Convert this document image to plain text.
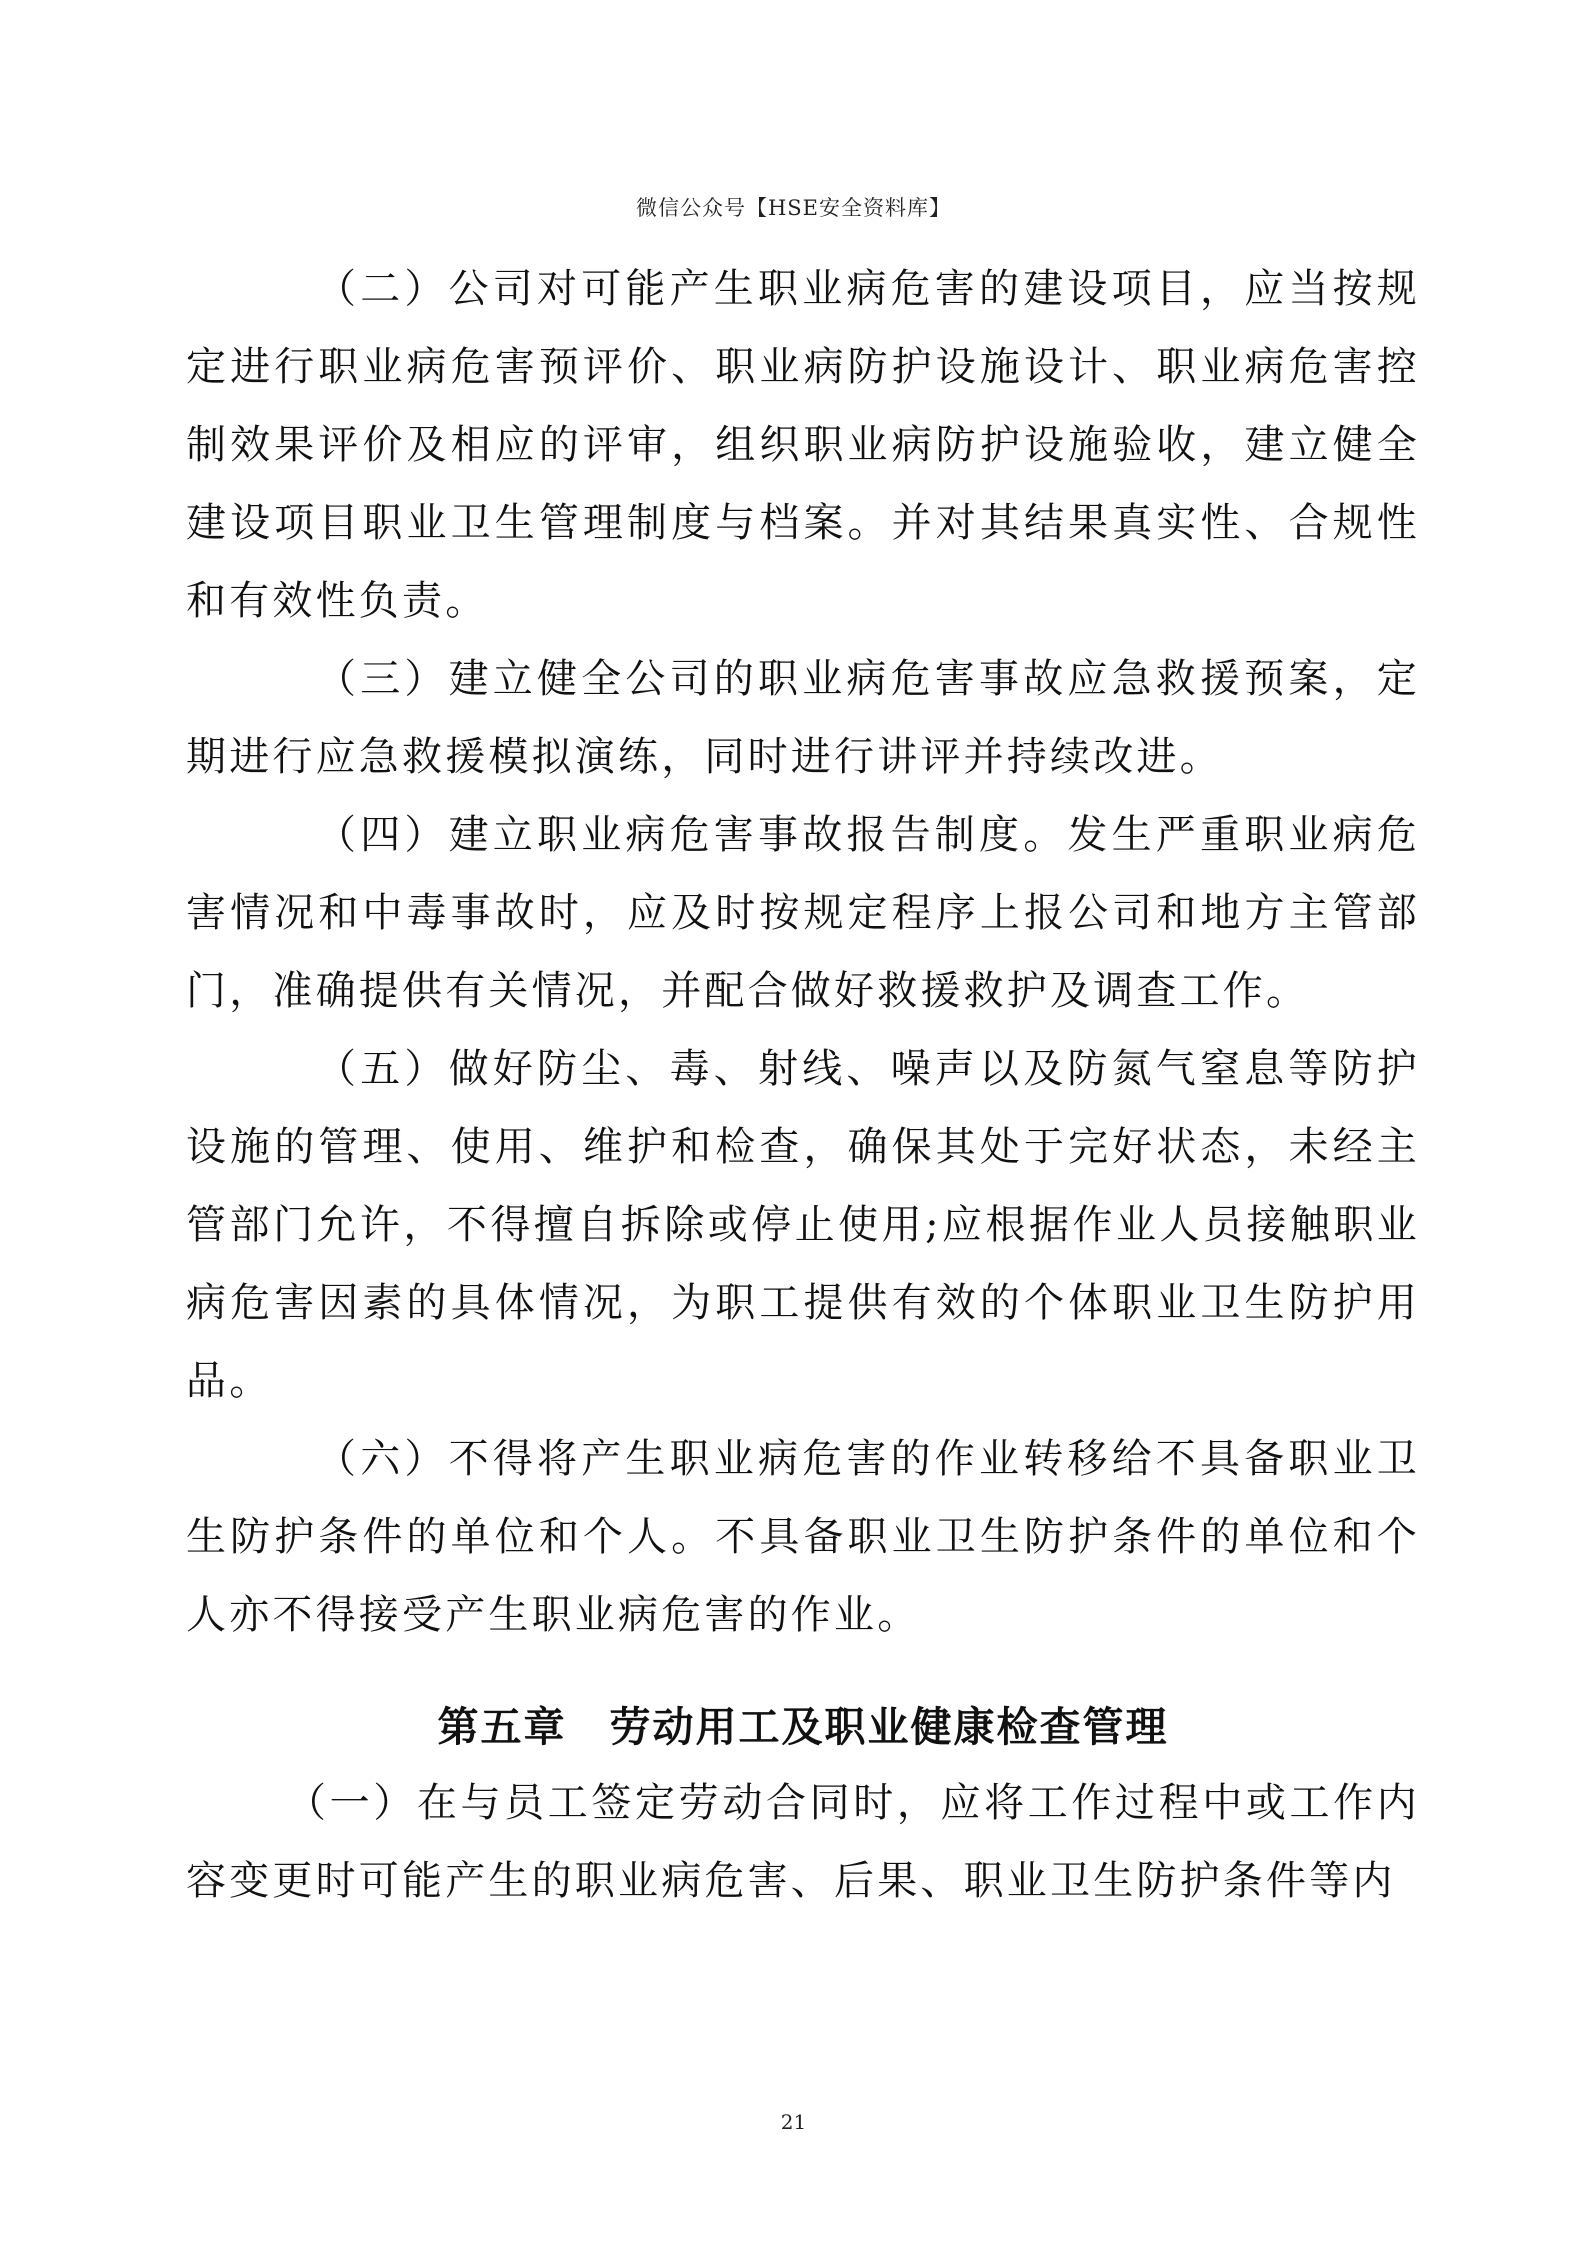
微信公众号【HSE安全资料库】

（二）公司对可能产生职业病危害的建设项目，应当按规定进行职业病危害预评价、职业病防护设施设计、职业病危害控制效果评价及相应的评审，组织职业病防护设施验收，建立健全建设项目职业卫生管理制度与档案。并对其结果真实性、合规性和有效性负责。

（三）建立健全公司的职业病危害事故应急救援预案，定期进行应急救援模拟演练，同时进行讲评并持续改进。

（四）建立职业病危害事故报告制度。发生严重职业病危害情况和中毒事故时，应及时按规定程序上报公司和地方主管部门，准确提供有关情况，并配合做好救援救护及调查工作。

（五）做好防尘、毒、射线、噪声以及防氮气窒息等防护设施的管理、使用、维护和检查，确保其处于完好状态，未经主管部门允许，不得擅自拆除或停止使用;应根据作业人员接触职业病危害因素的具体情况，为职工提供有效的个体职业卫生防护用品。

（六）不得将产生职业病危害的作业转移给不具备职业卫生防护条件的单位和个人。不具备职业卫生防护条件的单位和个人亦不得接受产生职业病危害的作业。

第五章　劳动用工及职业健康检查管理

（一）在与员工签定劳动合同时，应将工作过程中或工作内容变更时可能产生的职业病危害、后果、职业卫生防护条件等内

21
